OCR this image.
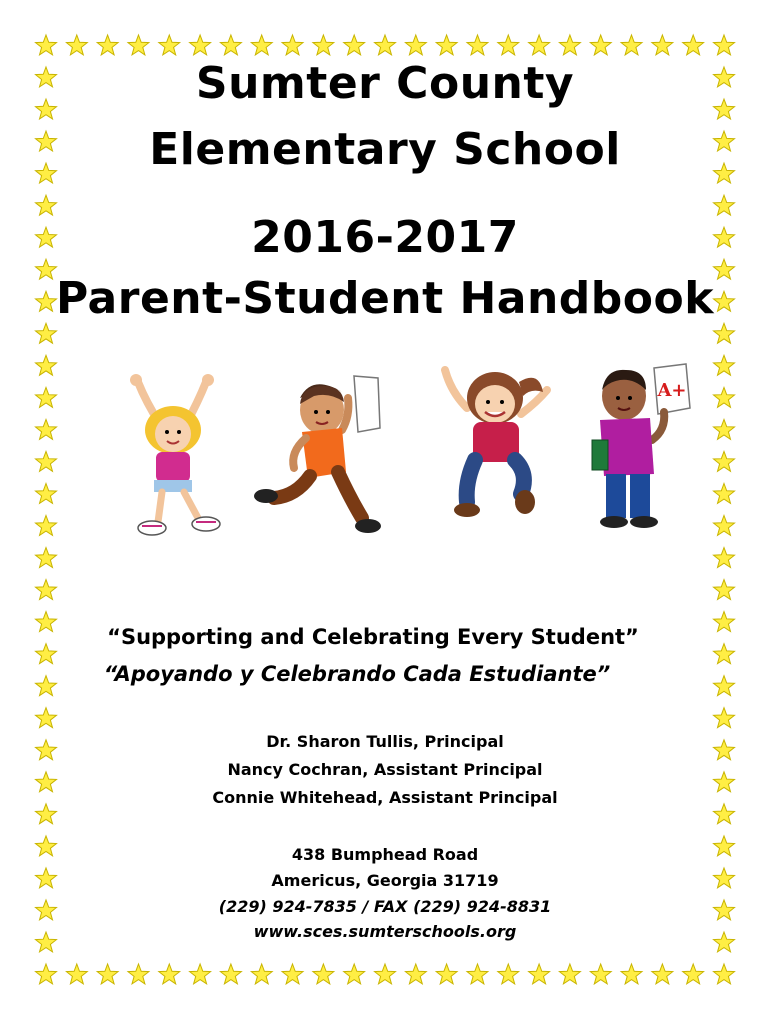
Sumter County
Elementary School
2016-2017
Parent-Student Handbook
A+
“Supporting and Celebrating Every Student”
“Apoyando y Celebrando Cada Estudiante”
Dr. Sharon Tullis, Principal
Nancy Cochran, Assistant Principal
Connie Whitehead, Assistant Principal
438 Bumphead Road
Americus, Georgia 31719
(229) 924-7835 / FAX (229) 924-8831
www.sces.sumterschools.org
